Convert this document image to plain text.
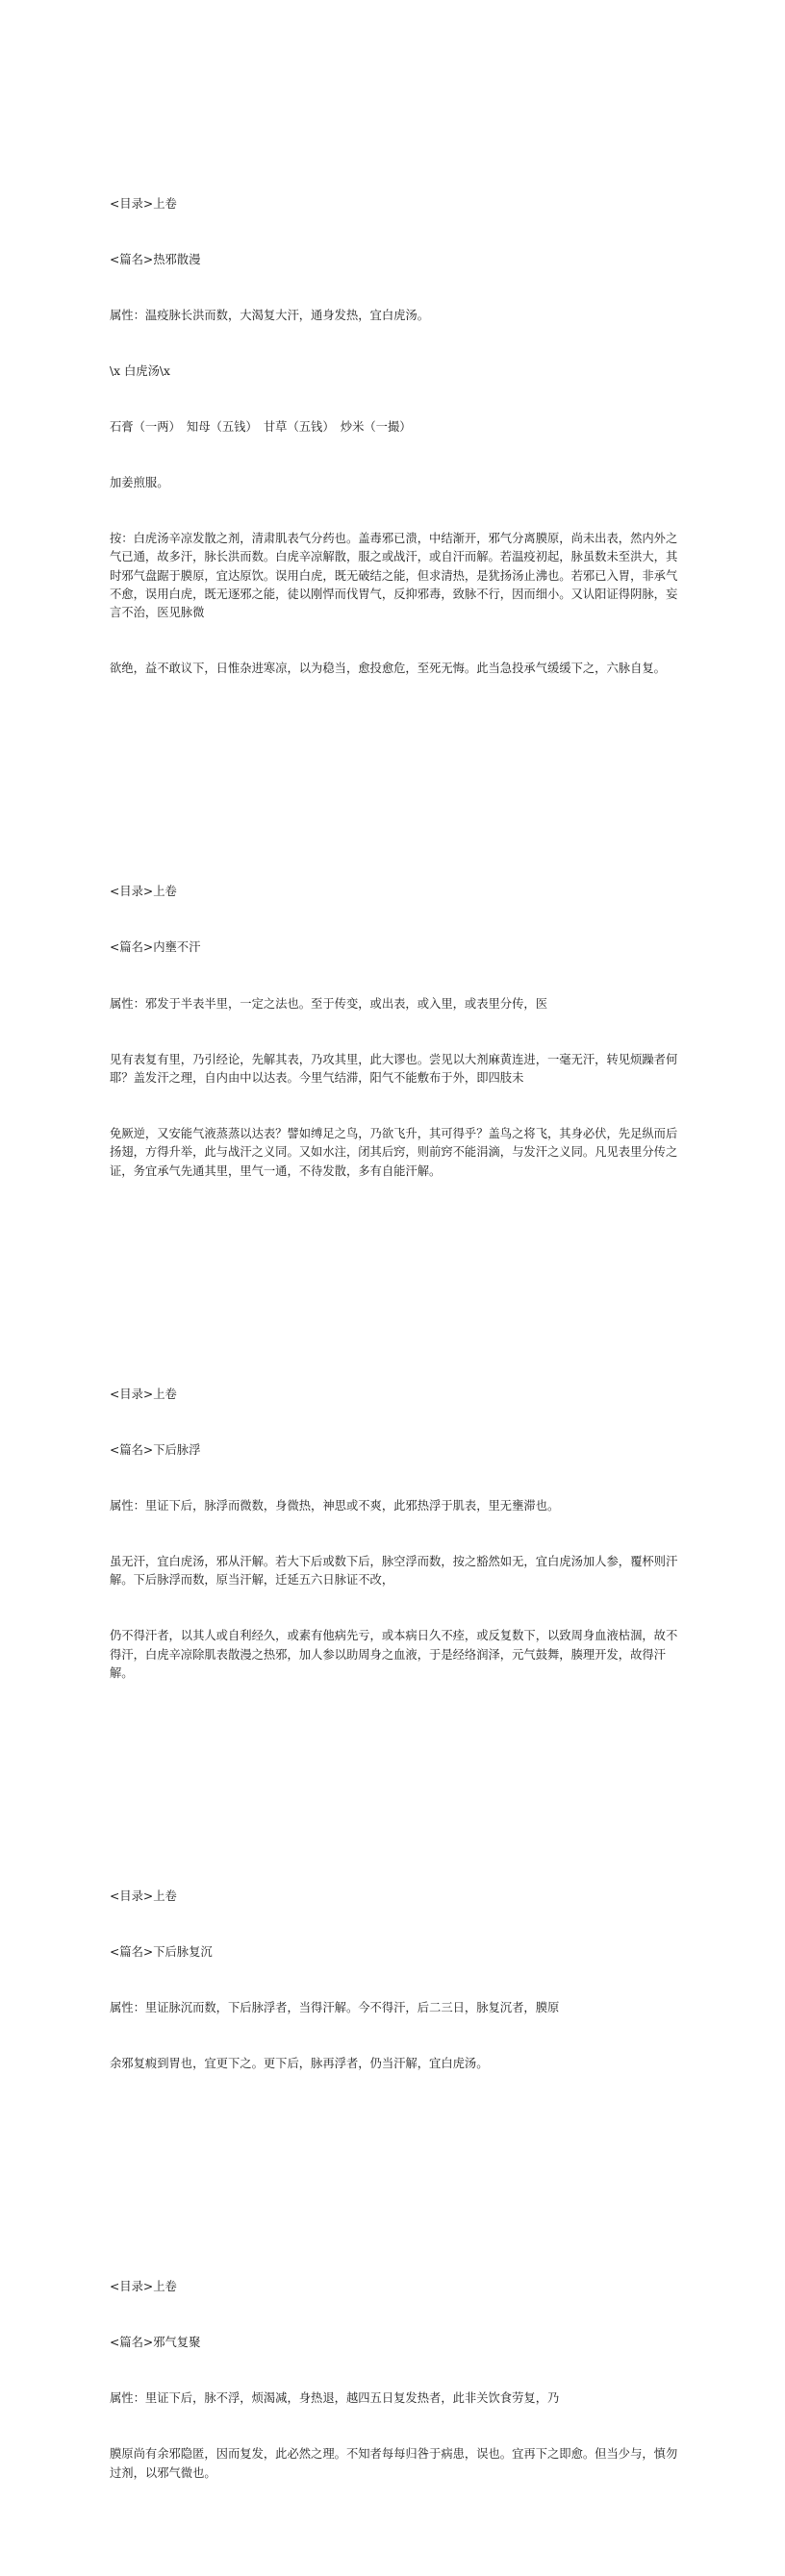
<目录>上卷

<篇名>热邪散漫

属性：温疫脉长洪而数，大渴复大汗，通身发热，宜白虎汤。

\x 白虎汤\x

石膏（一两）　知母（五钱）　甘草（五钱）　炒米（一撮）

加姜煎服。

按：白虎汤辛凉发散之剂，清肃肌表气分药也。盖毒邪已溃，中结渐开，邪气分离膜原，尚未出表，然内外之气已通，故多汗，脉长洪而数。白虎辛凉解散，服之或战汗，或自汗而解。若温疫初起，脉虽数未至洪大，其时邪气盘踞于膜原，宜达原饮。误用白虎，既无破结之能，但求清热，是犹扬汤止沸也。若邪已入胃，非承气不愈，误用白虎，既无逐邪之能，徒以刚悍而伐胃气，反抑邪毒，致脉不行，因而细小。又认阳证得阴脉，妄言不治，医见脉微

欲绝，益不敢议下，日惟杂进寒凉，以为稳当，愈投愈危，至死无悔。此当急投承气缓缓下之，六脉自复。

<目录>上卷

<篇名>内壅不汗

属性：邪发于半表半里，一定之法也。至于传变，或出表，或入里，或表里分传，医

见有表复有里，乃引经论，先解其表，乃攻其里，此大谬也。尝见以大剂麻黄连进，一毫无汗，转见烦躁者何耶？盖发汗之理，自内由中以达表。今里气结滞，阳气不能敷布于外，即四肢未

免厥逆，又安能气液蒸蒸以达表？譬如缚足之鸟，乃欲飞升，其可得乎？盖鸟之将飞，其身必伏，先足纵而后扬翅，方得升举，此与战汗之义同。又如水注，闭其后窍，则前窍不能涓滴，与发汗之义同。凡见表里分传之证，务宜承气先通其里，里气一通，不待发散，多有自能汗解。

<目录>上卷

<篇名>下后脉浮

属性：里证下后，脉浮而微数，身微热，神思或不爽，此邪热浮于肌表，里无壅滞也。

虽无汗，宜白虎汤，邪从汗解。若大下后或数下后，脉空浮而数，按之豁然如无，宜白虎汤加人参，覆杯则汗解。下后脉浮而数，原当汗解，迁延五六日脉证不改，

仍不得汗者，以其人或自利经久，或素有他病先亏，或本病日久不痊，或反复数下，以致周身血液枯涸，故不得汗，白虎辛凉除肌表散漫之热邪，加人参以助周身之血液，于是经络润泽，元气鼓舞，腠理开发，故得汗解。

<目录>上卷

<篇名>下后脉复沉

属性：里证脉沉而数，下后脉浮者，当得汗解。今不得汗，后二三日，脉复沉者，膜原

余邪复瘕到胃也，宜更下之。更下后，脉再浮者，仍当汗解，宜白虎汤。

<目录>上卷

<篇名>邪气复聚

属性：里证下后，脉不浮，烦渴减，身热退，越四五日复发热者，此非关饮食劳复，乃

膜原尚有余邪隐匿，因而复发，此必然之理。不知者每每归咎于病患，误也。宜再下之即愈。但当少与，慎勿过剂，以邪气微也。
